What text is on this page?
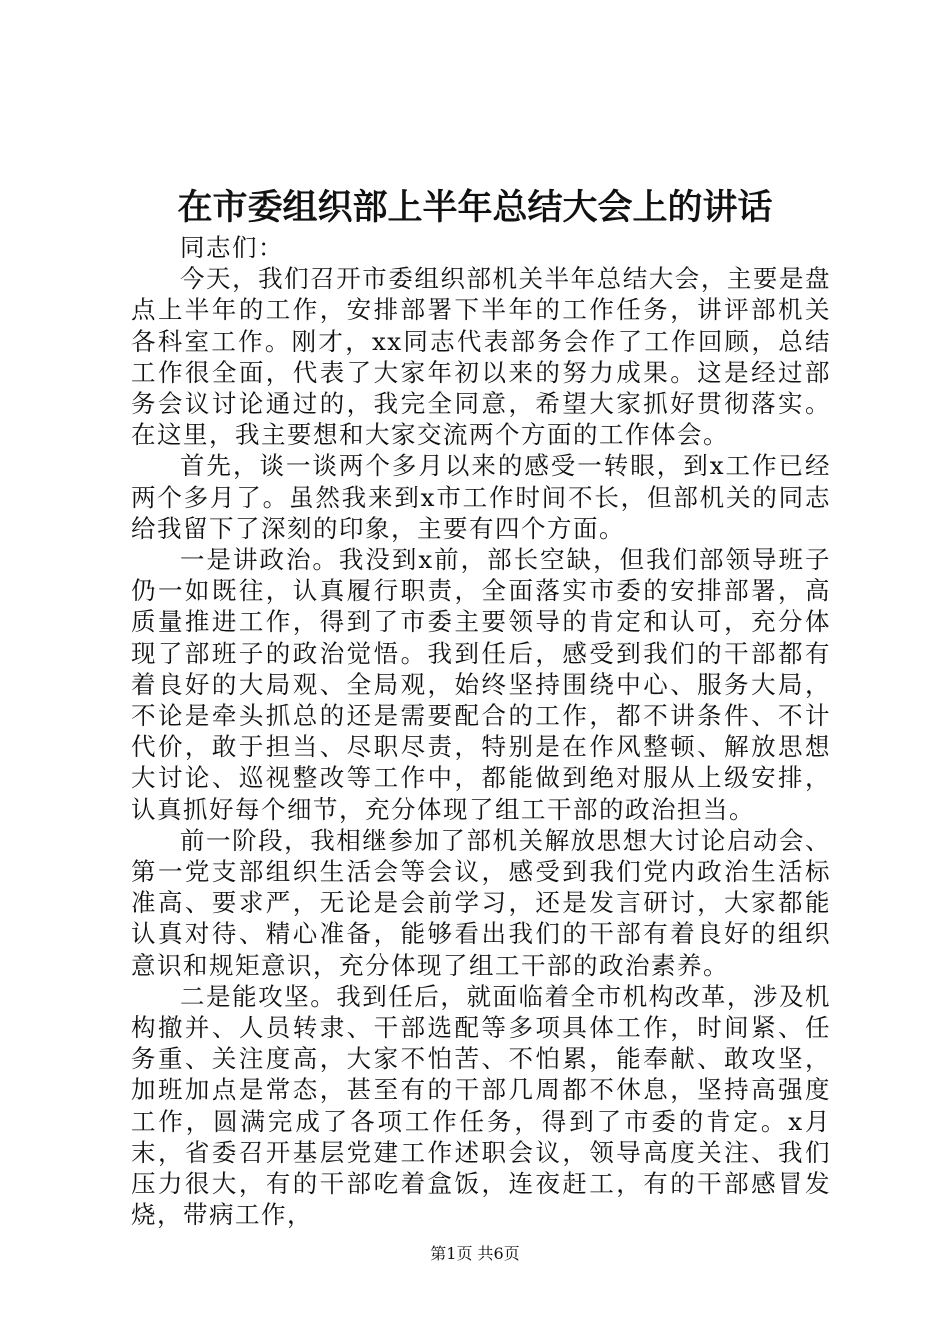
在市委组织部上半年总结大会上的讲话

同志们：

今天，我们召开市委组织部机关半年总结大会，主要是盘点上半年的工作，安排部署下半年的工作任务，讲评部机关各科室工作。刚才，xx同志代表部务会作了工作回顾，总结工作很全面，代表了大家年初以来的努力成果。这是经过部务会议讨论通过的，我完全同意，希望大家抓好贯彻落实。在这里，我主要想和大家交流两个方面的工作体会。

首先，谈一谈两个多月以来的感受一转眼，到x工作已经两个多月了。虽然我来到x市工作时间不长，但部机关的同志给我留下了深刻的印象，主要有四个方面。

一是讲政治。我没到x前，部长空缺，但我们部领导班子仍一如既往，认真履行职责，全面落实市委的安排部署，高质量推进工作，得到了市委主要领导的肯定和认可，充分体现了部班子的政治觉悟。我到任后，感受到我们的干部都有着良好的大局观、全局观，始终坚持围绕中心、服务大局，不论是牵头抓总的还是需要配合的工作，都不讲条件、不计代价，敢于担当、尽职尽责，特别是在作风整顿、解放思想大讨论、巡视整改等工作中，都能做到绝对服从上级安排，认真抓好每个细节，充分体现了组工干部的政治担当。

前一阶段，我相继参加了部机关解放思想大讨论启动会、第一党支部组织生活会等会议，感受到我们党内政治生活标准高、要求严，无论是会前学习，还是发言研讨，大家都能认真对待、精心准备，能够看出我们的干部有着良好的组织意识和规矩意识，充分体现了组工干部的政治素养。

二是能攻坚。我到任后，就面临着全市机构改革，涉及机构撤并、人员转隶、干部选配等多项具体工作，时间紧、任务重、关注度高，大家不怕苦、不怕累，能奉献、敢攻坚，加班加点是常态，甚至有的干部几周都不休息，坚持高强度工作，圆满完成了各项工作任务，得到了市委的肯定。x月末，省委召开基层党建工作述职会议，领导高度关注、我们压力很大，有的干部吃着盒饭，连夜赶工，有的干部感冒发烧，带病工作，

第1页 共6页
